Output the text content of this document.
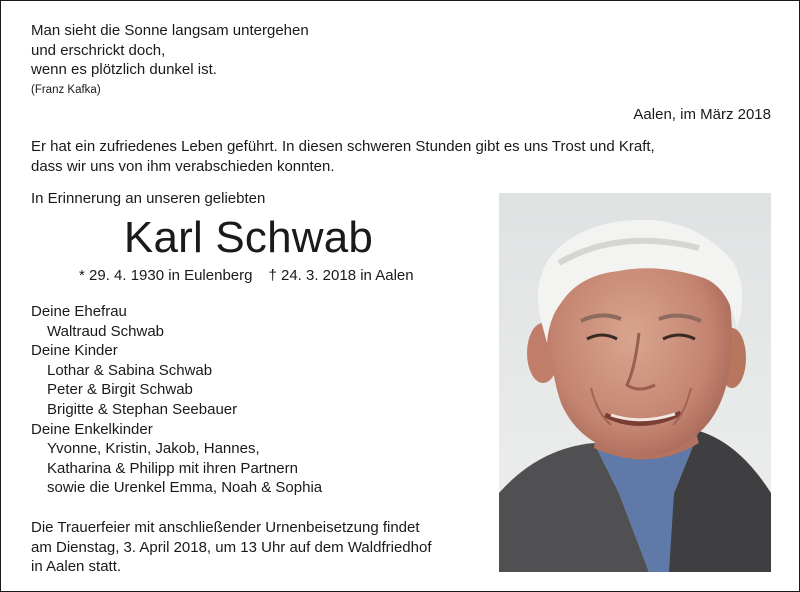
Man sieht die Sonne langsam untergehen
und erschrickt doch,
wenn es plötzlich dunkel ist.
(Franz Kafka)
Aalen, im März 2018
Er hat ein zufriedenes Leben geführt. In diesen schweren Stunden gibt es uns Trost und Kraft,
dass wir uns von ihm verabschieden konnten.
In Erinnerung an unseren geliebten
Karl Schwab
* 29. 4. 1930 in Eulenberg † 24. 3. 2018 in Aalen
Deine Ehefrau
Waltraud Schwab
Deine Kinder
Lothar & Sabina Schwab
Peter & Birgit Schwab
Brigitte & Stephan Seebauer
Deine Enkelkinder
Yvonne, Kristin, Jakob, Hannes,
Katharina & Philipp mit ihren Partnern
sowie die Urenkel Emma, Noah & Sophia
Die Trauerfeier mit anschließender Urnenbeisetzung findet
am Dienstag, 3. April 2018, um 13 Uhr auf dem Waldfriedhof
in Aalen statt.
